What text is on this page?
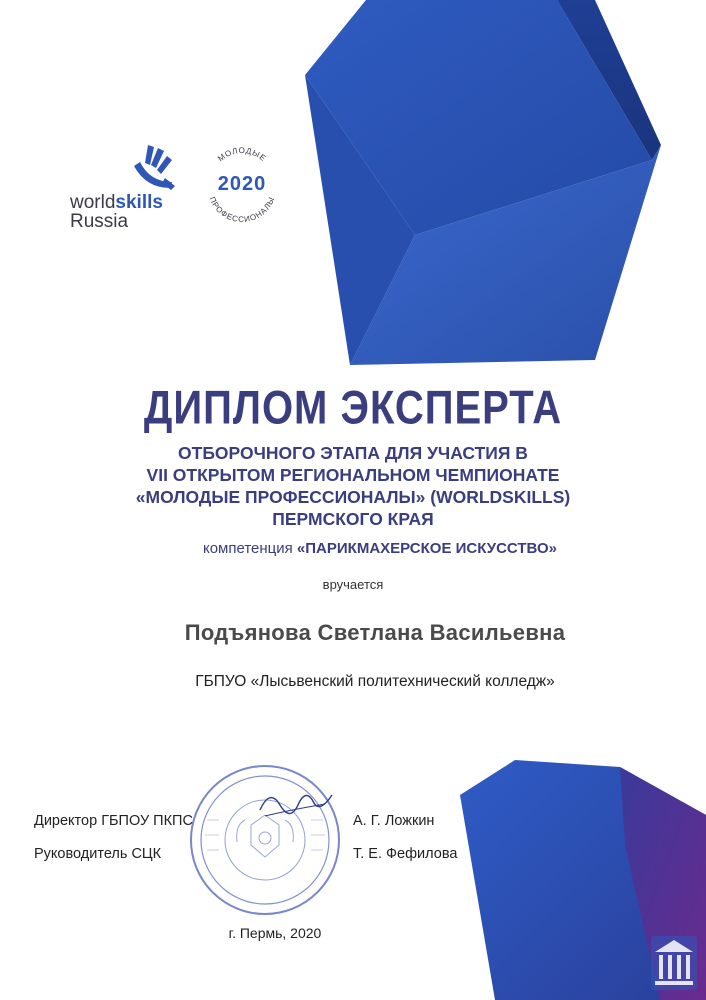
worldskills
Russia
МОЛОДЫЕ
2020
ПРОФЕССИОНАЛЫ
ДИПЛОМ ЭКСПЕРТА
ОТБОРОЧНОГО ЭТАПА ДЛЯ УЧАСТИЯ В
VII ОТКРЫТОМ РЕГИОНАЛЬНОМ ЧЕМПИОНАТЕ
«МОЛОДЫЕ ПРОФЕССИОНАЛЫ» (WORLDSKILLS)
ПЕРМСКОГО КРАЯ
компетенция «ПАРИКМАХЕРСКОЕ ИСКУССТВО»
вручается
Подъянова Светлана Васильевна
ГБПУО «Лысьвенский политехнический колледж»
Директор ГБПОУ ПКПС	А. Г. Ложкин
Руководитель СЦК	Т. Е. Фефилова
г. Пермь, 2020
